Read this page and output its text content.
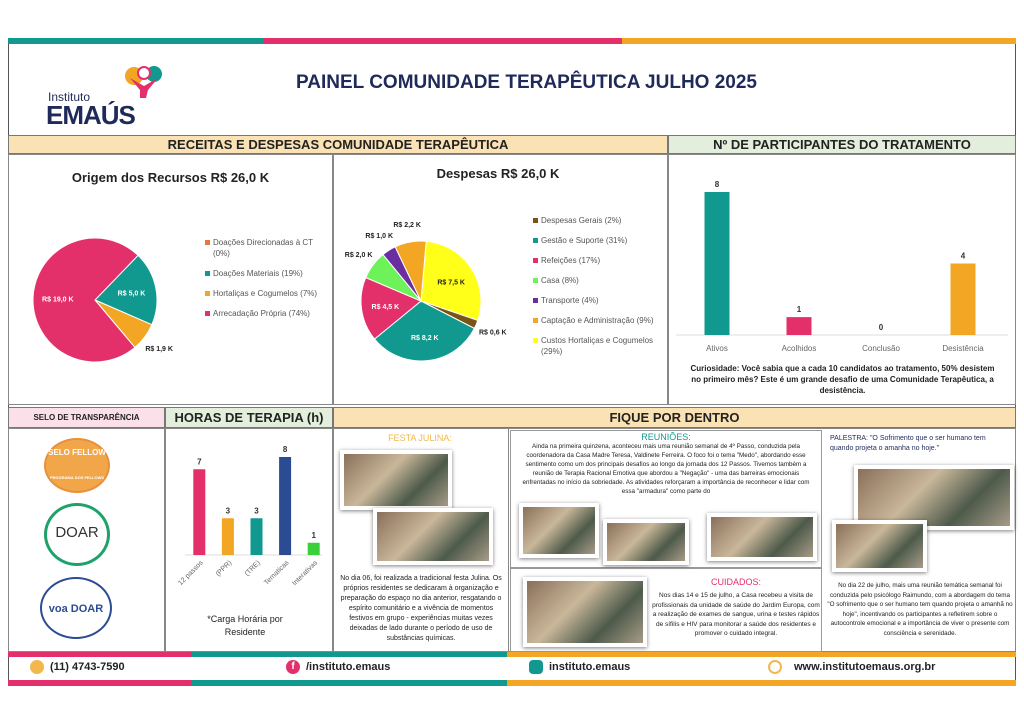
Instituto
EMAÚS
PAINEL COMUNIDADE TERAPÊUTICA JULHO 2025
RECEITAS E DESPESAS COMUNIDADE TERAPÊUTICA	Nº DE PARTICIPANTES DO TRATAMENTO
Origem dos Recursos R$ 26,0 K	Despesas R$ 26,0 K
R$ 5,0 K
R$ 1,9 K
R$ 19,0 K
Doações Direcionadas à CT (0%)
Doações Materiais (19%)
Hortaliças e Cogumelos (7%)
Arrecadação Própria (74%)
R$ 7,5 K
R$ 0,6 K
R$ 8,2 K
R$ 4,5 K
R$ 2,0 K
R$ 1,0 K
R$ 2,2 K
Despesas Gerais (2%)
Gestão e Suporte (31%)
Refeições (17%)
Casa (8%)
Transporte (4%)
Captação e Administração (9%)
Custos Hortaliças e Cogumelos (29%)
8
Ativos
1
Acolhidos
0
Conclusão
4
Desistência
Curiosidade: Você sabia que a cada 10 candidatos ao tratamento, 50% desistem no primeiro mês? Este é um grande desafio de uma Comunidade Terapêutica, a desistência.
SELO DE TRANSPARÊNCIA	HORAS DE TERAPIA (h)	FIQUE POR DENTRO
SELO FELLOW
PROGRAMA DOS FELLOWS
DOAR
voa DOAR
7
12 passos
3
(PPR)
3
(TRE)
8
Tematicas
1
Interativas
*Carga Horária por Residente
FESTA JULINA:
No dia 06, foi realizada a tradicional festa Julina. Os próprios residentes se dedicaram à organização e preparação do espaço no dia anterior, resgatando o espírito comunitário e a vivência de momentos festivos em grupo - experiências muitas vezes deixadas de lado durante o período de uso de substâncias químicas.
REUNIÕES:
Ainda na primeira quinzena, aconteceu mais uma reunião semanal de 4º Passo, conduzida pela coordenadora da Casa Madre Teresa, Valdinete Ferreira. O foco foi o tema "Medo", abordando esse sentimento como um dos principais desafios ao longo da jornada dos 12 Passos. Tivemos também a reunião de Terapia Racional Emotiva que abordou a "Negação" - uma das barreiras emocionais enfrentadas no início da sobriedade. As atividades reforçaram a importância de reconhecer e lidar com essa "armadura" como parte do
CUIDADOS:
Nos dias 14 e 15 de julho, a Casa recebeu a visita de profissionais da unidade de saúde do Jardim Europa, com a realização de exames de sangue, urina e testes rápidos de sífilis e HIV para monitorar a saúde dos residentes e promover o cuidado integral.
PALESTRA: "O Sofrimento que o ser humano tem quando projeta o amanha no hoje."
No dia 22 de julho, mais uma reunião temática semanal foi conduzida pelo psicólogo Raimundo, com a abordagem do tema "O sofrimento que o ser humano tem quando projeta o amanhã no hoje", incentivando os participantes a refletirem sobre o autocontrole emocional e a importância de viver o presente com consciência e serenidade.
(11) 4743-7590	f	/instituto.emaus	instituto.emaus	www.institutoemaus.org.br
